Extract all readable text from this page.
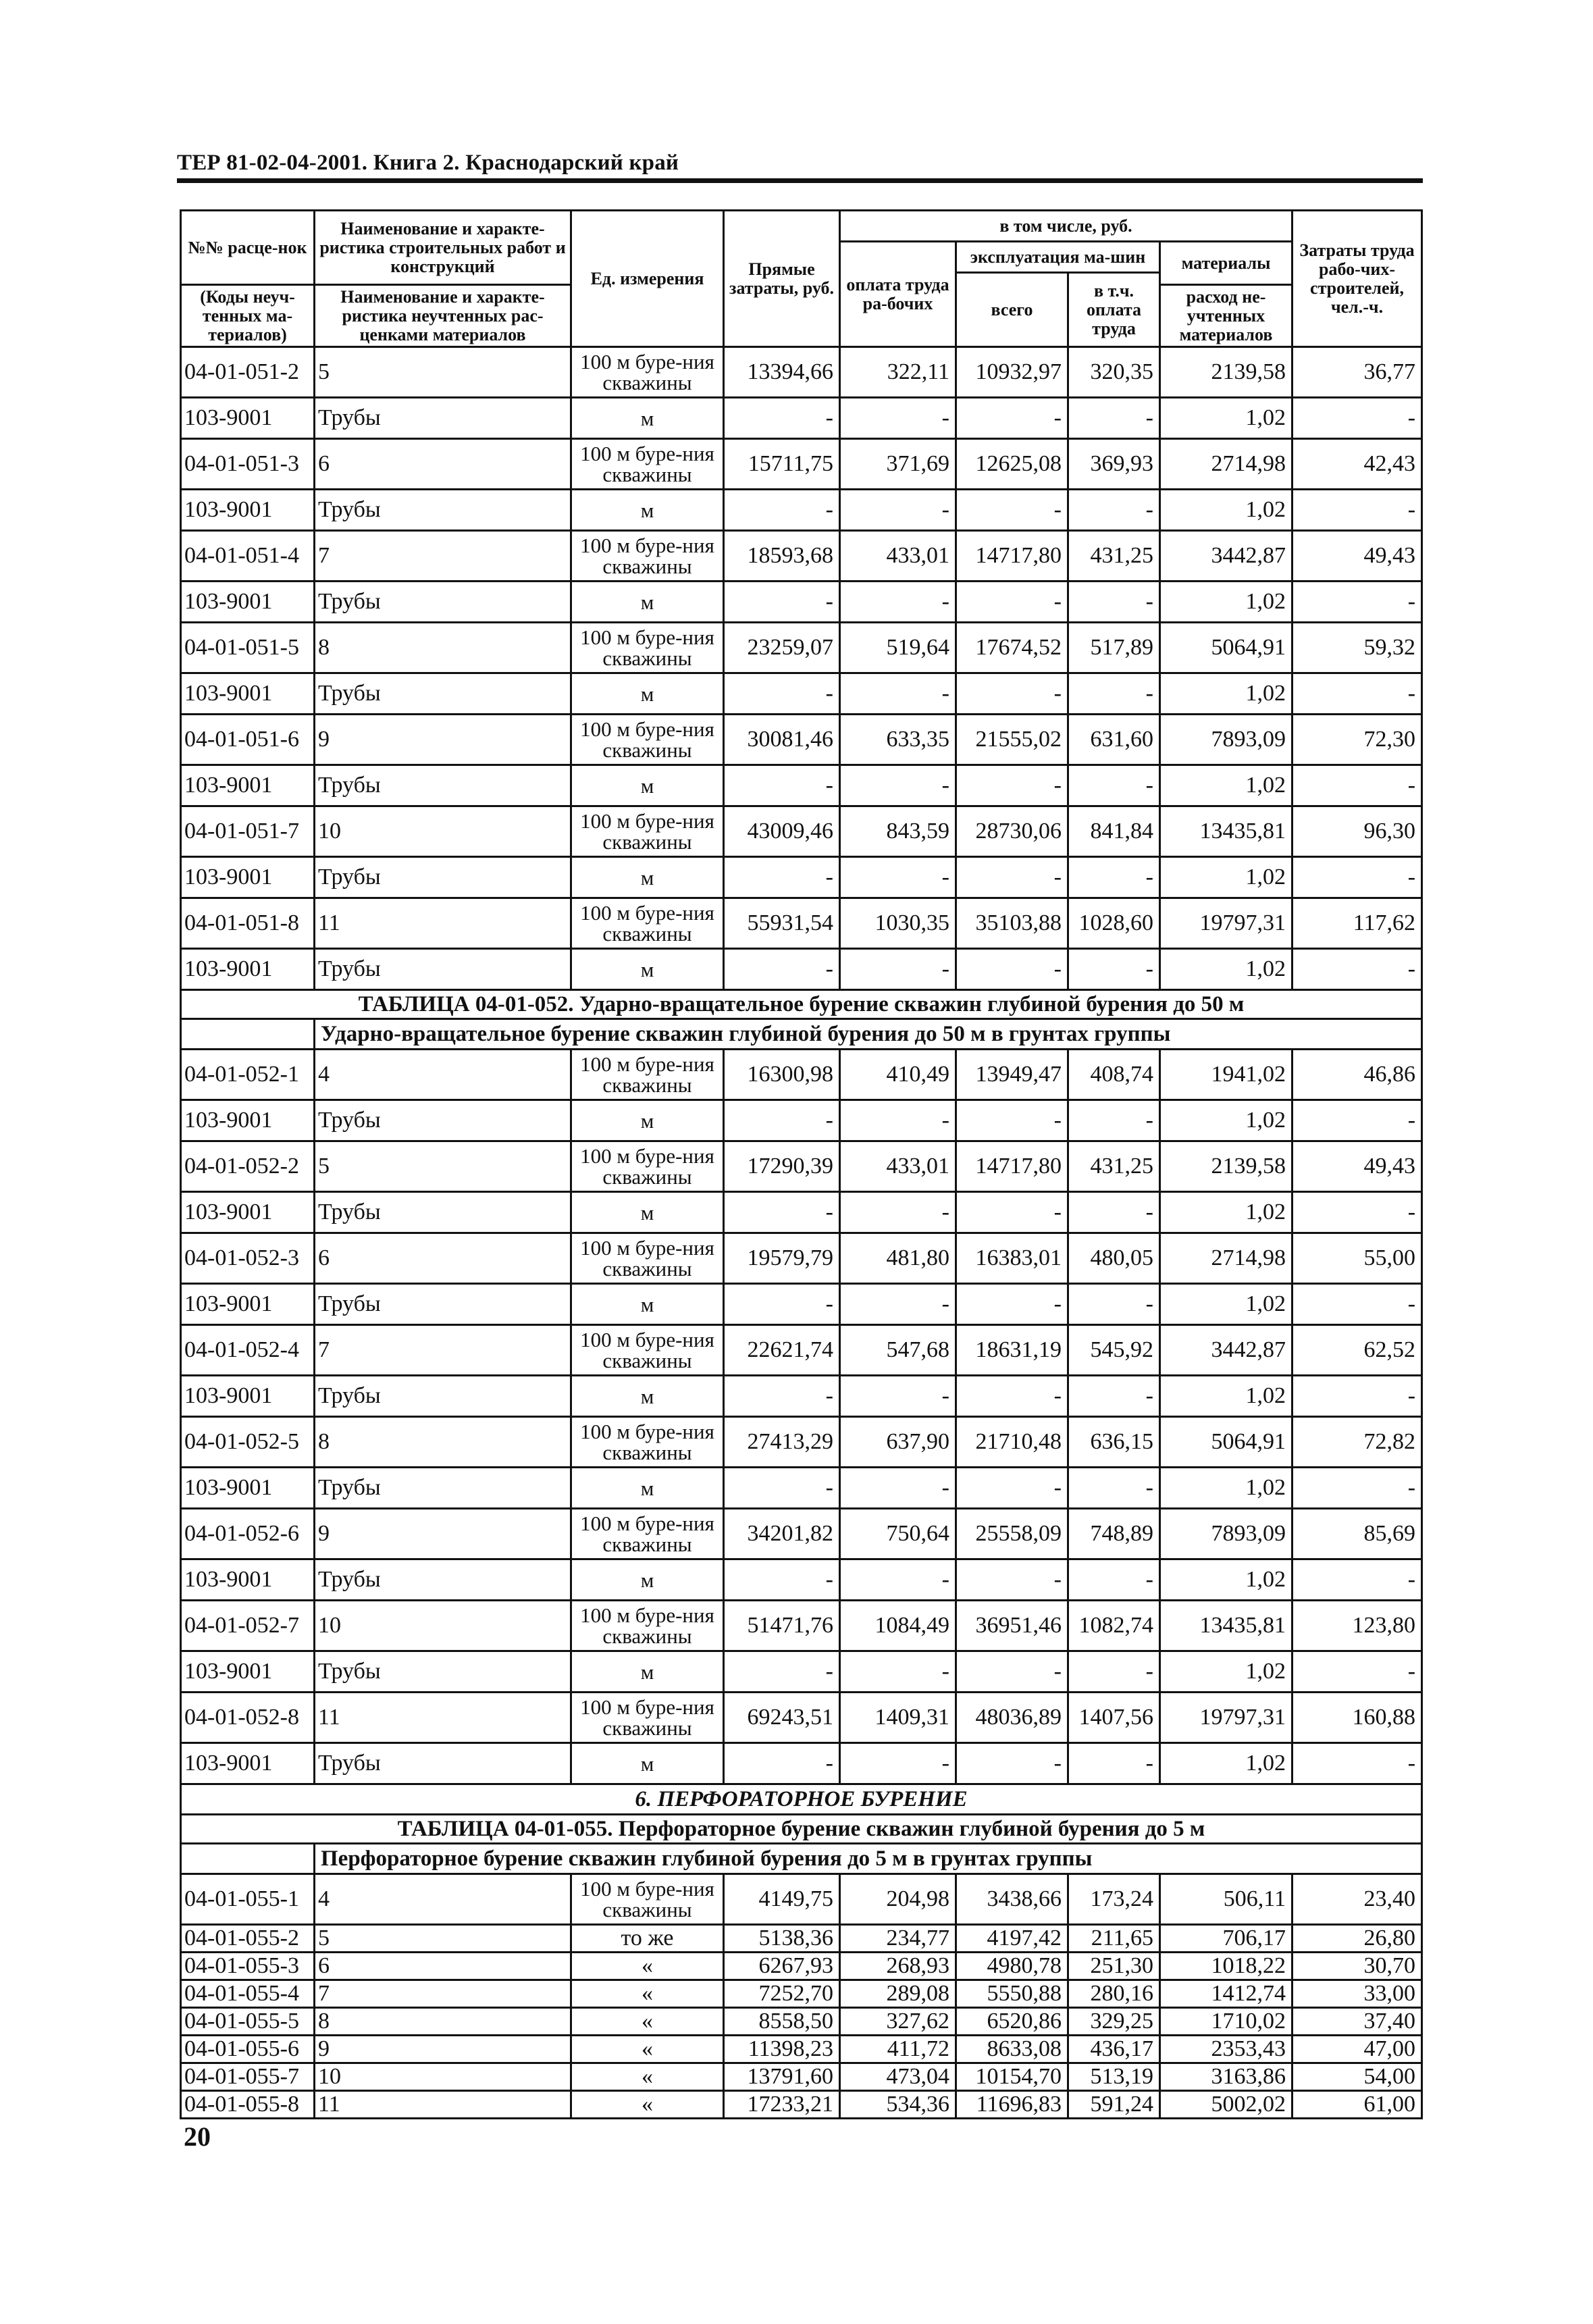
ТЕР 81-02-04-2001. Книга 2. Краснодарский край
№№ расце-нок	Наименование и характе-ристика строительных работ и конструкций	Ед. измерения	Прямые затраты, руб.	в том числе, руб.				Затраты труда рабо-чих-строителей, чел.-ч.
				оплата труда ра-бочих	эксплуатация ма-шин		материалы	
					всего	в т.ч. оплата труда		
(Коды неуч-тенных ма-териалов)	Наименование и характе-ристика неучтенных рас-ценками материалов						расход не-учтенных материалов	

04-01-051-2	5	100 м буре-ния скважины	13394,66	322,11	10932,97	320,35	2139,58	36,77
103-9001	Трубы	м	-	-	-	-	1,02	-
04-01-051-3	6	100 м буре-ния скважины	15711,75	371,69	12625,08	369,93	2714,98	42,43
103-9001	Трубы	м	-	-	-	-	1,02	-
04-01-051-4	7	100 м буре-ния скважины	18593,68	433,01	14717,80	431,25	3442,87	49,43
103-9001	Трубы	м	-	-	-	-	1,02	-
04-01-051-5	8	100 м буре-ния скважины	23259,07	519,64	17674,52	517,89	5064,91	59,32
103-9001	Трубы	м	-	-	-	-	1,02	-
04-01-051-6	9	100 м буре-ния скважины	30081,46	633,35	21555,02	631,60	7893,09	72,30
103-9001	Трубы	м	-	-	-	-	1,02	-
04-01-051-7	10	100 м буре-ния скважины	43009,46	843,59	28730,06	841,84	13435,81	96,30
103-9001	Трубы	м	-	-	-	-	1,02	-
04-01-051-8	11	100 м буре-ния скважины	55931,54	1030,35	35103,88	1028,60	19797,31	117,62
103-9001	Трубы	м	-	-	-	-	1,02	-
ТАБЛИЦА 04-01-052. Ударно-вращательное бурение скважин глубиной бурения до 50 м								
	Ударно-вращательное бурение скважин глубиной бурения до 50 м в грунтах группы							
04-01-052-1	4	100 м буре-ния скважины	16300,98	410,49	13949,47	408,74	1941,02	46,86
103-9001	Трубы	м	-	-	-	-	1,02	-
04-01-052-2	5	100 м буре-ния скважины	17290,39	433,01	14717,80	431,25	2139,58	49,43
103-9001	Трубы	м	-	-	-	-	1,02	-
04-01-052-3	6	100 м буре-ния скважины	19579,79	481,80	16383,01	480,05	2714,98	55,00
103-9001	Трубы	м	-	-	-	-	1,02	-
04-01-052-4	7	100 м буре-ния скважины	22621,74	547,68	18631,19	545,92	3442,87	62,52
103-9001	Трубы	м	-	-	-	-	1,02	-
04-01-052-5	8	100 м буре-ния скважины	27413,29	637,90	21710,48	636,15	5064,91	72,82
103-9001	Трубы	м	-	-	-	-	1,02	-
04-01-052-6	9	100 м буре-ния скважины	34201,82	750,64	25558,09	748,89	7893,09	85,69
103-9001	Трубы	м	-	-	-	-	1,02	-
04-01-052-7	10	100 м буре-ния скважины	51471,76	1084,49	36951,46	1082,74	13435,81	123,80
103-9001	Трубы	м	-	-	-	-	1,02	-
04-01-052-8	11	100 м буре-ния скважины	69243,51	1409,31	48036,89	1407,56	19797,31	160,88
103-9001	Трубы	м	-	-	-	-	1,02	-
6. ПЕРФОРАТОРНОЕ БУРЕНИЕ								
ТАБЛИЦА 04-01-055. Перфораторное бурение скважин глубиной бурения до 5 м								
	Перфораторное бурение скважин глубиной бурения до 5 м в грунтах группы							
04-01-055-1	4	100 м буре-ния скважины	4149,75	204,98	3438,66	173,24	506,11	23,40
04-01-055-2	5	то же	5138,36	234,77	4197,42	211,65	706,17	26,80
04-01-055-3	6	«	6267,93	268,93	4980,78	251,30	1018,22	30,70
04-01-055-4	7	«	7252,70	289,08	5550,88	280,16	1412,74	33,00
04-01-055-5	8	«	8558,50	327,62	6520,86	329,25	1710,02	37,40
04-01-055-6	9	«	11398,23	411,72	8633,08	436,17	2353,43	47,00
04-01-055-7	10	«	13791,60	473,04	10154,70	513,19	3163,86	54,00
04-01-055-8	11	«	17233,21	534,36	11696,83	591,24	5002,02	61,00
20
